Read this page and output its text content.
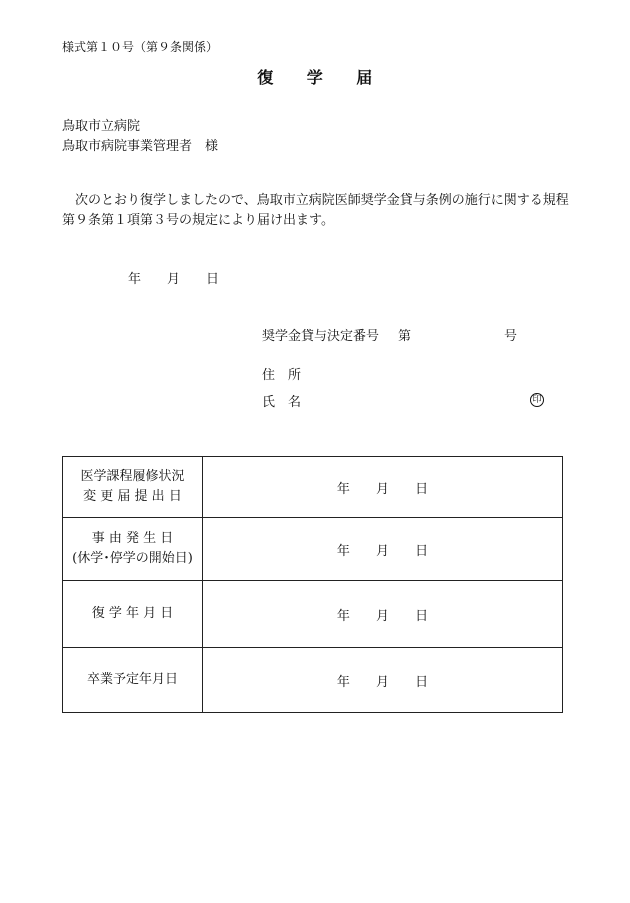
様式第１０号（第９条関係）
復　　学　　届
鳥取市立病院
鳥取市病院事業管理者　様
　次のとおり復学しましたので、鳥取市立病院医師奨学金貸与条例の施行に関する規程第９条第１項第３号の規定により届け出ます。
年　　月　　日
奨学金貸与決定番号 第	号
住　所
氏　名	印
医学課程履修状況
変 更 届 提 出 日	年 月 日

事 由 発 生 日
(休学･停学の開始日)	年 月 日

復 学 年 月 日	年 月 日

卒業予定年月日	年 月 日
